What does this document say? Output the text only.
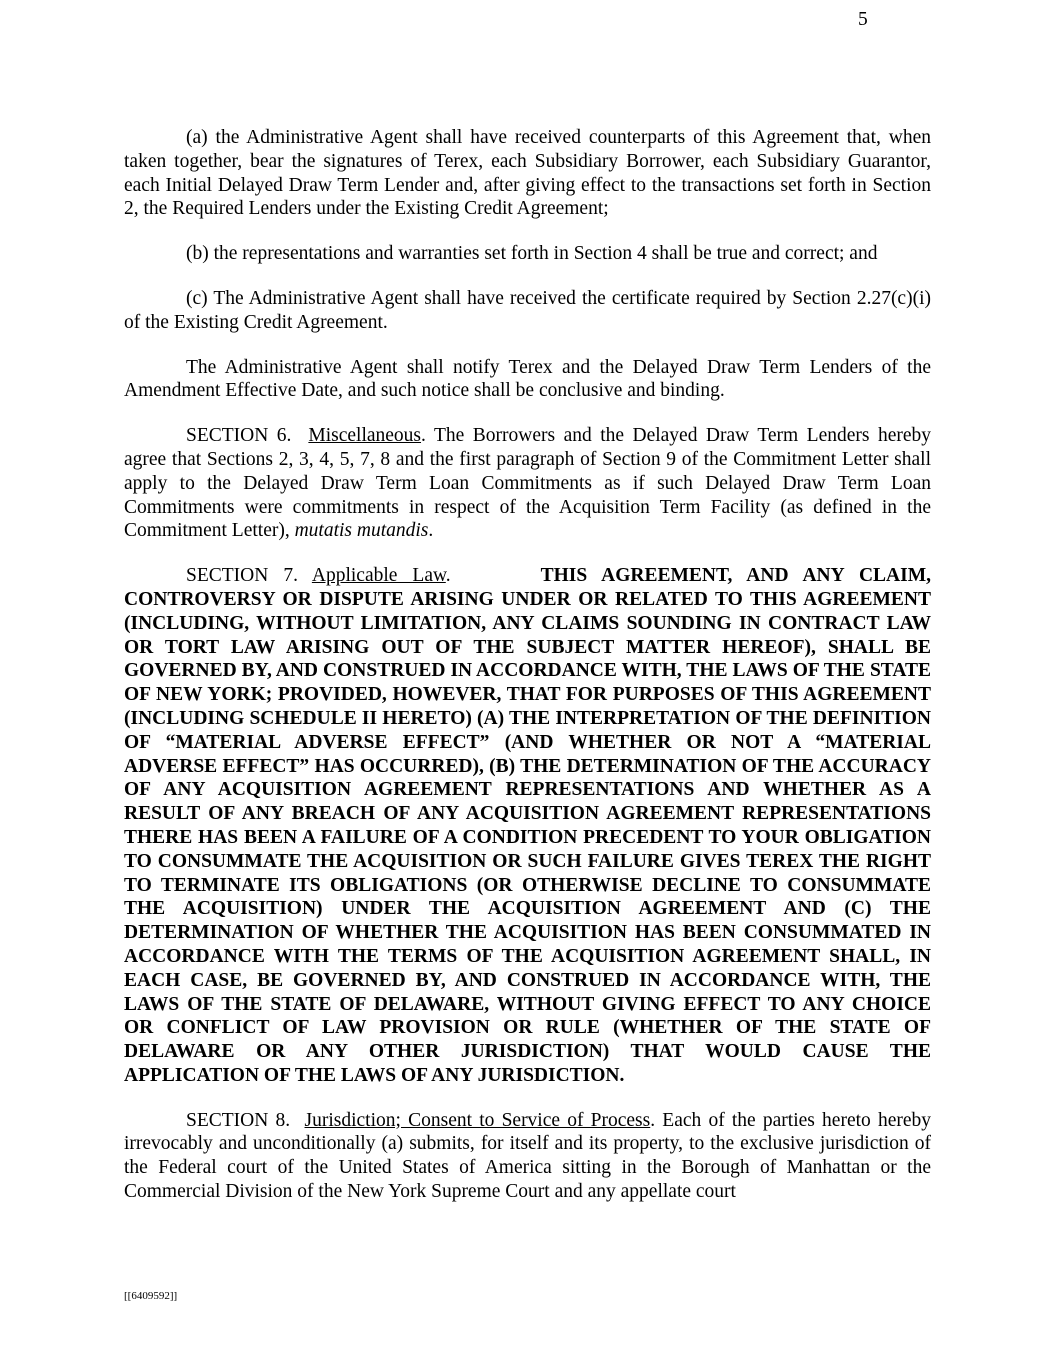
5

(a) the Administrative Agent shall have received counterparts of this Agreement that, when taken together, bear the signatures of Terex, each Subsidiary Borrower, each Subsidiary Guarantor, each Initial Delayed Draw Term Lender and, after giving effect to the transactions set forth in Section 2, the Required Lenders under the Existing Credit Agreement;

(b) the representations and warranties set forth in Section 4 shall be true and correct; and

(c) The Administrative Agent shall have received the certificate required by Section 2.27(c)(i) of the Existing Credit Agreement.

The Administrative Agent shall notify Terex and the Delayed Draw Term Lenders of the Amendment Effective Date, and such notice shall be conclusive and binding.

SECTION 6. Miscellaneous. The Borrowers and the Delayed Draw Term Lenders hereby agree that Sections 2, 3, 4, 5, 7, 8 and the first paragraph of Section 9 of the Commitment Letter shall apply to the Delayed Draw Term Loan Commitments as if such Delayed Draw Term Loan Commitments were commitments in respect of the Acquisition Term Facility (as defined in the Commitment Letter), mutatis mutandis.

SECTION 7. Applicable Law.	THIS AGREEMENT, AND ANY CLAIM, CONTROVERSY OR DISPUTE ARISING UNDER OR RELATED TO THIS AGREEMENT (INCLUDING, WITHOUT LIMITATION, ANY CLAIMS SOUNDING IN CONTRACT LAW OR TORT LAW ARISING OUT OF THE SUBJECT MATTER HEREOF), SHALL BE GOVERNED BY, AND CONSTRUED IN ACCORDANCE WITH, THE LAWS OF THE STATE OF NEW YORK; PROVIDED, HOWEVER, THAT FOR PURPOSES OF THIS AGREEMENT (INCLUDING SCHEDULE II HERETO) (A) THE INTERPRETATION OF THE DEFINITION OF “MATERIAL ADVERSE EFFECT” (AND WHETHER OR NOT A “MATERIAL ADVERSE EFFECT” HAS OCCURRED), (B) THE DETERMINATION OF THE ACCURACY OF ANY ACQUISITION AGREEMENT REPRESENTATIONS AND WHETHER AS A RESULT OF ANY BREACH OF ANY ACQUISITION AGREEMENT REPRESENTATIONS THERE HAS BEEN A FAILURE OF A CONDITION PRECEDENT TO YOUR OBLIGATION TO CONSUMMATE THE ACQUISITION OR SUCH FAILURE GIVES TEREX THE RIGHT TO TERMINATE ITS OBLIGATIONS (OR OTHERWISE DECLINE TO CONSUMMATE THE ACQUISITION) UNDER THE ACQUISITION AGREEMENT AND (C) THE DETERMINATION OF WHETHER THE ACQUISITION HAS BEEN CONSUMMATED IN ACCORDANCE WITH THE TERMS OF THE ACQUISITION AGREEMENT SHALL, IN EACH CASE, BE GOVERNED BY, AND CONSTRUED IN ACCORDANCE WITH, THE LAWS OF THE STATE OF DELAWARE, WITHOUT GIVING EFFECT TO ANY CHOICE OR CONFLICT OF LAW PROVISION OR RULE (WHETHER OF THE STATE OF DELAWARE OR ANY OTHER JURISDICTION) THAT WOULD CAUSE THE APPLICATION OF THE LAWS OF ANY JURISDICTION.

SECTION 8. Jurisdiction; Consent to Service of Process. Each of the parties hereto hereby irrevocably and unconditionally (a) submits, for itself and its property, to the exclusive jurisdiction of the Federal court of the United States of America sitting in the Borough of Manhattan or the Commercial Division of the New York Supreme Court and any appellate court

[[6409592]]
